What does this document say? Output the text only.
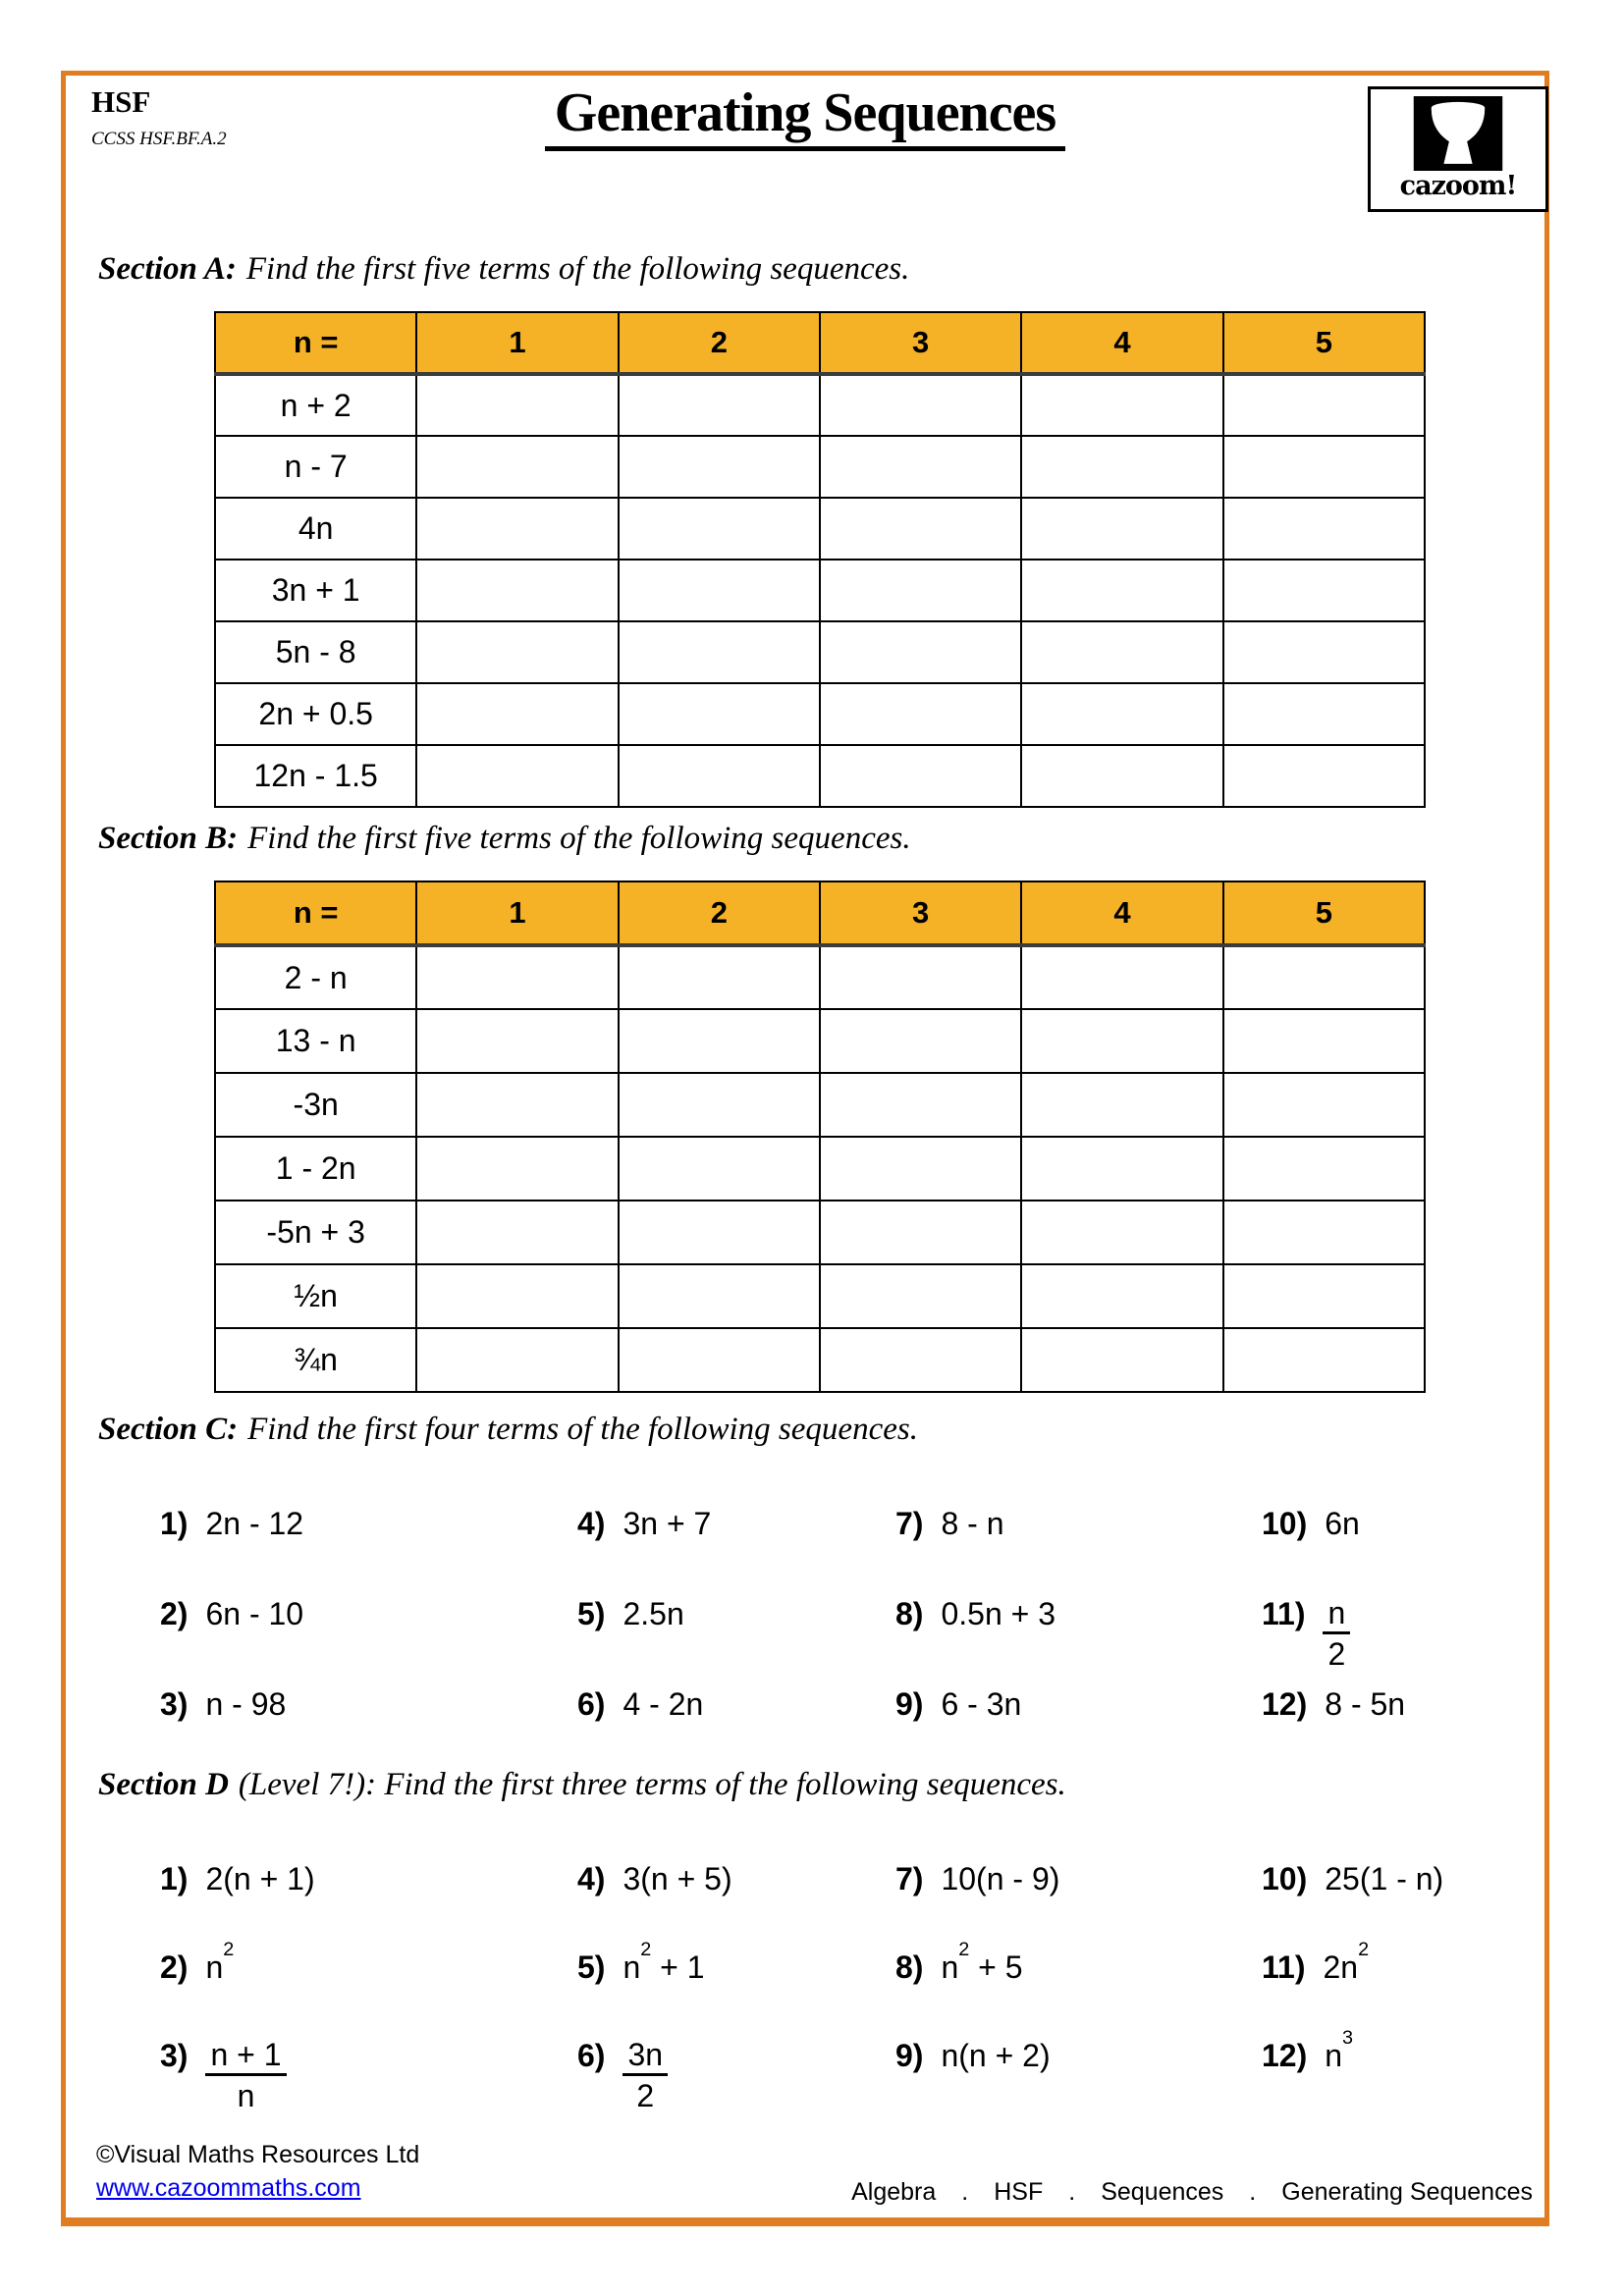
HSF
CCSS HSF.BF.A.2	Generating Sequences
cazoom!
Section A: Find the first five terms of the following sequences.
n =	1	2	3	4	5
n + 2					
n - 7					
4n					
3n + 1					
5n - 8					
2n + 0.5					
12n - 1.5					
Section B: Find the first five terms of the following sequences.
n =	1	2	3	4	5
2 - n					
13 - n					
-3n					
1 - 2n					
-5n + 3					
½n					
¾n					
Section C: Find the first four terms of the following sequences.
1) 2n - 12
2) 6n - 10
3) n - 98
4) 3n + 7
5) 2.5n
6) 4 - 2n
7) 8 - n
8) 0.5n + 3
9) 6 - 3n
10) 6n
$11) \frac{n}{2}$
12) 8 - 5n
Section D (Level 7!): Find the first three terms of the following sequences.
1) 2(n + 1)
2) $n^2$
$3) \frac{n + 1}{n}$
4) 3(n + 5)
5) $n^2 + 1$
$6) \frac{3n}{2}$
7) 10(n - 9)
8) $n^2 + 5$
9) n(n + 2)
10) 25(1 - n)
11) $2n^2$
12) $n^3$
©Visual Maths Resources Ltd
www.cazoommaths.com	Algebra . HSF . Sequences . Generating Sequences
